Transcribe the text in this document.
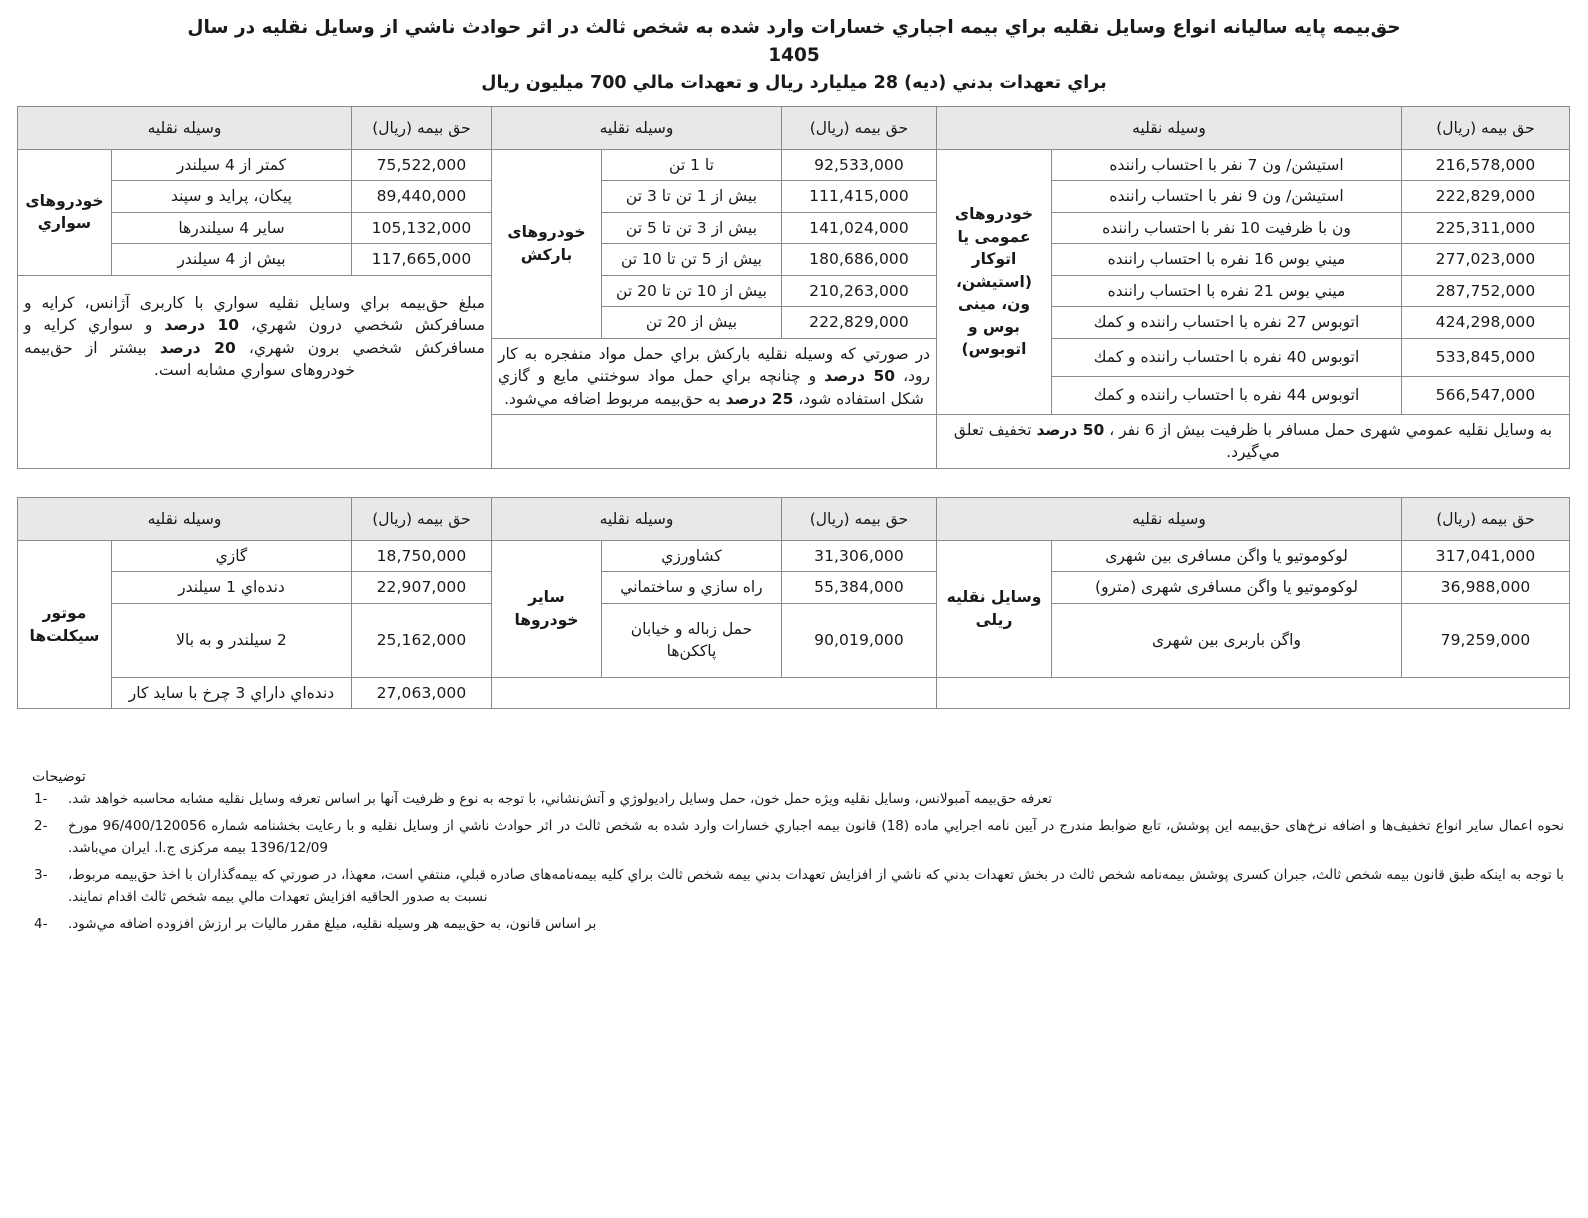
حق‌بیمه پایه ساليانه انواع وسايل نقليه براي بيمه اجباري خسارات وارد شده به شخص ثالث در اثر حوادث ناشي از وسايل نقليه در سال 1405
براي تعهدات بدني (ديه) 28 ميليارد ريال و تعهدات مالي 700 ميليون ريال
حق بيمه (ريال)	وسيله نقليه		حق بيمه (ريال)	وسيله نقليه		حق بيمه (ريال)	وسيله نقليه		
216,578,000	استيشن/ ون 7 نفر با احتساب راننده	خودروهای عمومی يا اتوکار (استيشن، ون، مینی بوس و اتوبوس)	92,533,000	تا 1 تن	خودروهای باركش	75,522,000	کمتر از 4 سيلندر	خودروهای سواري	
222,829,000	استيشن/ ون 9 نفر با احتساب راننده		111,415,000	بيش از 1 تن تا 3 تن		89,440,000	پيکان، پرايد و سپند		
225,311,000	ون با ظرفيت 10 نفر با احتساب راننده		141,024,000	بيش از 3 تن تا 5 تن		105,132,000	ساير 4 سيلندرها		
277,023,000	ميني بوس 16 نفره با احتساب راننده		180,686,000	بيش از 5 تن تا 10 تن		117,665,000	بيش از 4 سيلندر		
287,752,000	ميني بوس 21 نفره با احتساب راننده		210,263,000	بيش از 10 تن تا 20 تن		مبلغ حق‌بیمه براي وسايل نقليه سواري با کاربری آژانس، کرايه و مسافرکش شخصي درون شهري، 10 درصد و سواري کرايه و مسافرکش شخصي برون شهري، 20 درصد بيشتر از حق‌بیمه خودروهای سواري مشابه است.			
424,298,000	اتوبوس 27 نفره با احتساب راننده و كمك		222,829,000	بيش از 20 تن					
533,845,000	اتوبوس 40 نفره با احتساب راننده و كمك		در صورتي که وسيله نقليه باركش براي حمل مواد منفجره به كار رود، 50 درصد و چنانچه براي حمل مواد سوختني مايع و گازي شکل استفاده شود، 25 درصد به حق‌بیمه مربوط اضافه مي‌شود.						
566,547,000	اتوبوس 44 نفره با احتساب راننده و كمك								
به وسايل نقليه عمومي شهری حمل مسافر با ظرفيت بيش از 6 نفر ، 50 درصد تخفيف تعلق مي‌گيرد.									
حق بيمه (ريال)	وسيله نقليه		حق بيمه (ريال)	وسيله نقليه		حق بيمه (ريال)	وسيله نقليه	
317,041,000	لوکوموتيو يا واگن مسافری بين شهری	وسايل نقليه ريلی	31,306,000	كشاورزي	ساير خودروها	18,750,000	گازي	موتور سيکلت‌ها
36,988,000	لوکوموتيو يا واگن مسافری شهری (مترو)		55,384,000	راه سازي و ساختماني		22,907,000	دنده‌اي 1 سيلندر	
79,259,000	واگن باربری بين شهری		90,019,000	حمل زباله و خيابان پاككن‌ها		25,162,000	2 سيلندر و به بالا	
						27,063,000	دنده‌اي داراي 3 چرخ با سايد كار	
توضيحات
1-	تعرفه حق‌بیمه آمبولانس، وسايل نقليه ويژه حمل خون، حمل وسايل راديولوژي و آتش‌نشاني، با توجه به نوع و ظرفيت آنها بر اساس تعرفه وسايل نقليه مشابه محاسبه خواهد شد.
2-	نحوه اعمال ساير انواع تخفيف‌ها و اضافه نرخ‌های حق‌بیمه اين پوشش، تابع ضوابط مندرج در آيين نامه اجرايي ماده (18) قانون بيمه اجباري خسارات وارد شده به شخص ثالث در اثر حوادث ناشي از وسايل نقليه و با رعايت بخشنامه شماره 96/400/120056 مورخ 1396/12/09 بيمه مرکزی ج.ا. ايران مي‌باشد.
3-	با توجه به اينکه طبق قانون بيمه شخص ثالث، جبران کسری پوشش بيمه‌نامه شخص ثالث در بخش تعهدات بدني که ناشي از افزايش تعهدات بدني بيمه شخص ثالث براي کليه بيمه‌نامه‌های صادره قبلي، منتفي است، معهذا، در صورتي که بيمه‌گذاران با اخذ حق‌بیمه مربوط، نسبت به صدور الحاقيه افزايش تعهدات مالي بيمه شخص ثالث اقدام نمايند.
4-	بر اساس قانون، به حق‌بیمه هر وسيله نقليه، مبلغ مقرر ماليات بر ارزش افزوده اضافه مي‌شود.
